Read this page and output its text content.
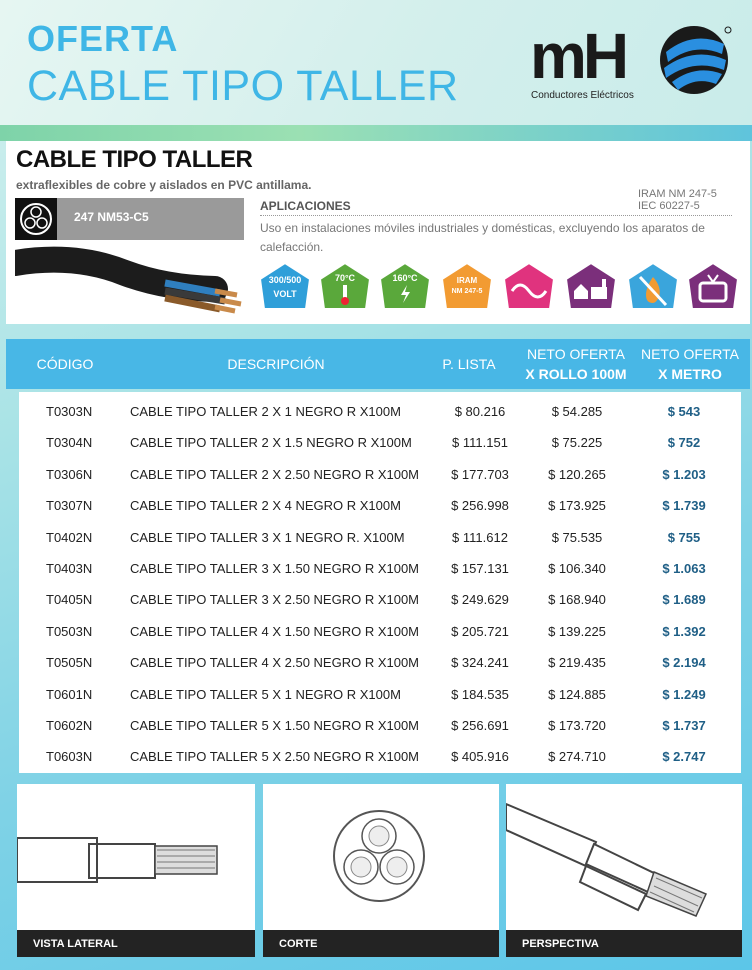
OFERTA
CABLE TIPO TALLER mH
Conductores Eléctricos
CABLE TIPO TALLER
extraflexibles de cobre y aislados en PVC antillama.
IRAM NM 247-5
IEC 60227-5
247 NM53-C5
APLICACIONES
Uso en instalaciones móviles industriales y domésticas, excluyendo los aparatos de calefacción.
300/500
VOLT
70°C	160°C	IRAM
NM 247-5
CÓDIGO	DESCRIPCIÓN	P. LISTA
NETO OFERTA
X ROLLO 100M
NETO OFERTA
X METRO
T0303N	CABLE TIPO TALLER 2 X 1 NEGRO R X100M	$ 80.216	$ 54.285	$ 543
T0304N	CABLE TIPO TALLER 2 X 1.5 NEGRO R X100M	$ 111.151	$ 75.225	$ 752
T0306N	CABLE TIPO TALLER 2 X 2.50 NEGRO R X100M	$ 177.703	$ 120.265	$ 1.203
T0307N	CABLE TIPO TALLER 2 X 4 NEGRO R X100M	$ 256.998	$ 173.925	$ 1.739
T0402N	CABLE TIPO TALLER 3 X 1 NEGRO R. X100M	$ 111.612	$ 75.535	$ 755
T0403N	CABLE TIPO TALLER 3 X 1.50 NEGRO R X100M	$ 157.131	$ 106.340	$ 1.063
T0405N	CABLE TIPO TALLER 3 X 2.50 NEGRO R X100M	$ 249.629	$ 168.940	$ 1.689
T0503N	CABLE TIPO TALLER 4 X 1.50 NEGRO R X100M	$ 205.721	$ 139.225	$ 1.392
T0505N	CABLE TIPO TALLER 4 X 2.50 NEGRO R X100M	$ 324.241	$ 219.435	$ 2.194
T0601N	CABLE TIPO TALLER 5 X 1 NEGRO R X100M	$ 184.535	$ 124.885	$ 1.249
T0602N	CABLE TIPO TALLER 5 X 1.50 NEGRO R X100M	$ 256.691	$ 173.720	$ 1.737
T0603N	CABLE TIPO TALLER 5 X 2.50 NEGRO R X100M	$ 405.916	$ 274.710	$ 2.747
VISTA LATERAL	CORTE	PERSPECTIVA
